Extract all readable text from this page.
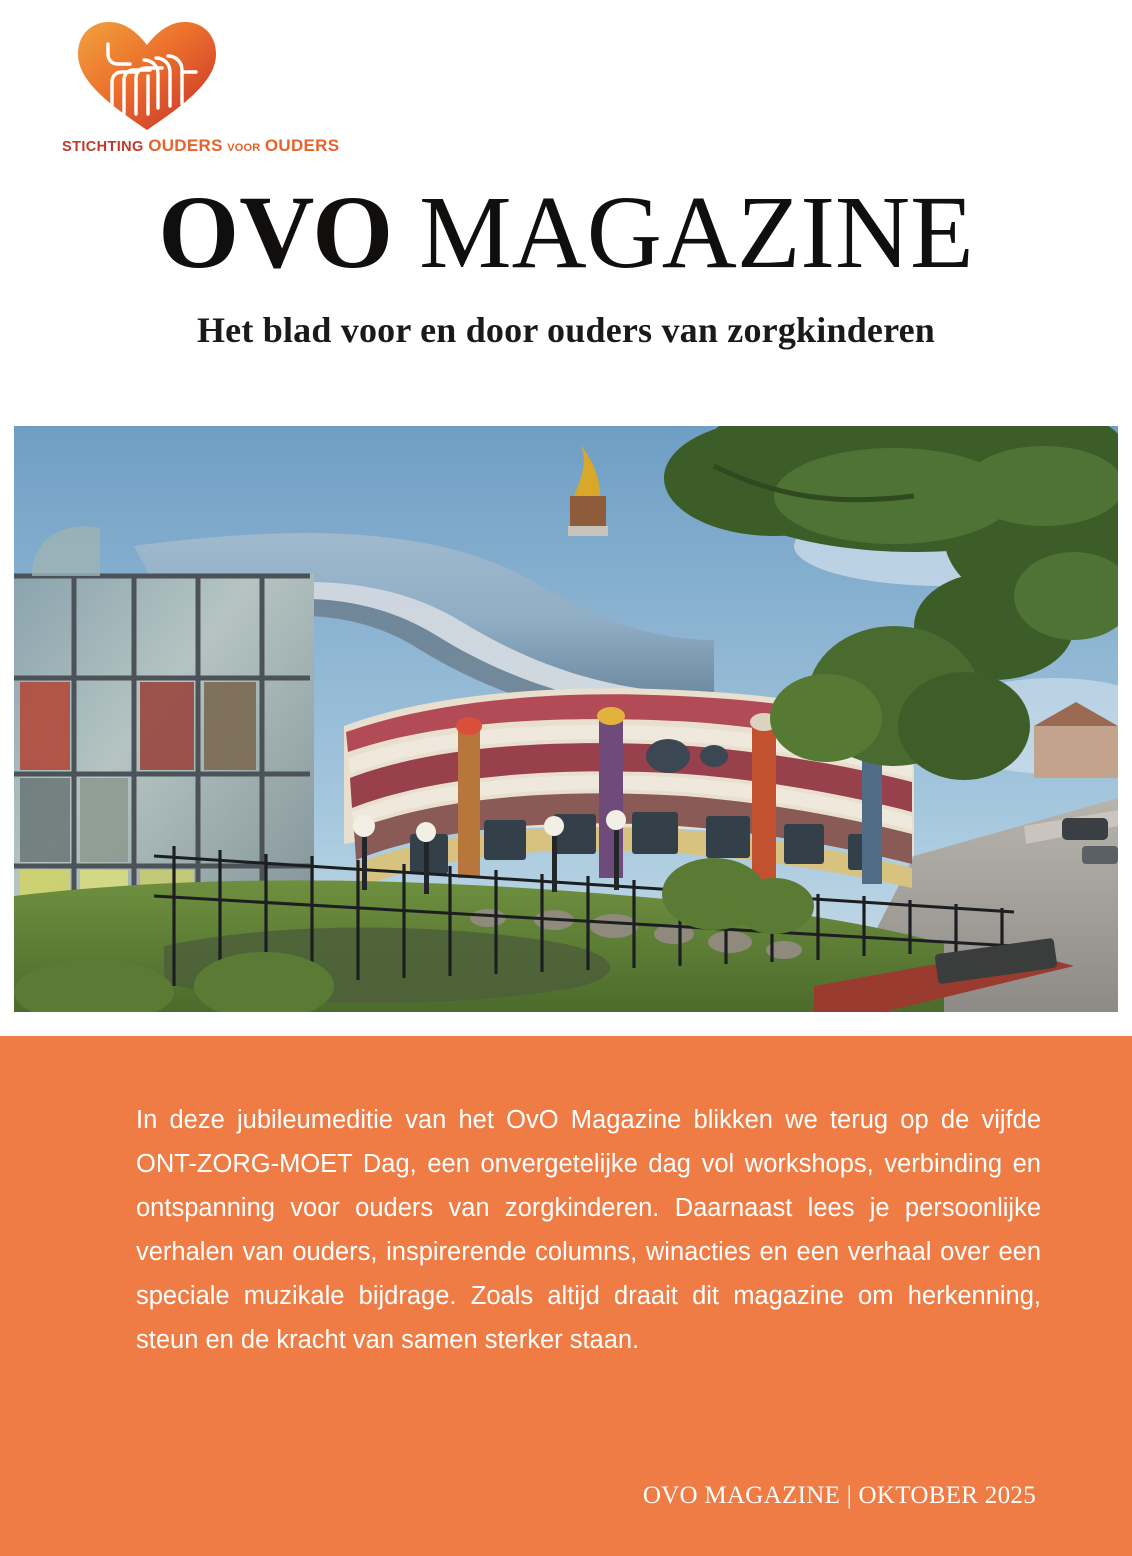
STICHTING OUDERS VOOR OUDERS
OVO MAGAZINE
Het blad voor en door ouders van zorgkinderen
In deze jubileumeditie van het OvO Magazine blikken we terug op de vijfde ONT-ZORG-MOET Dag, een onvergetelijke dag vol workshops, verbinding en ontspanning voor ouders van zorgkinderen. Daarnaast lees je persoonlijke verhalen van ouders, inspirerende columns, winacties en een verhaal over een speciale muzikale bijdrage. Zoals altijd draait dit magazine om herkenning, steun en de kracht van samen sterker staan.
OVO MAGAZINE | OKTOBER 2025
